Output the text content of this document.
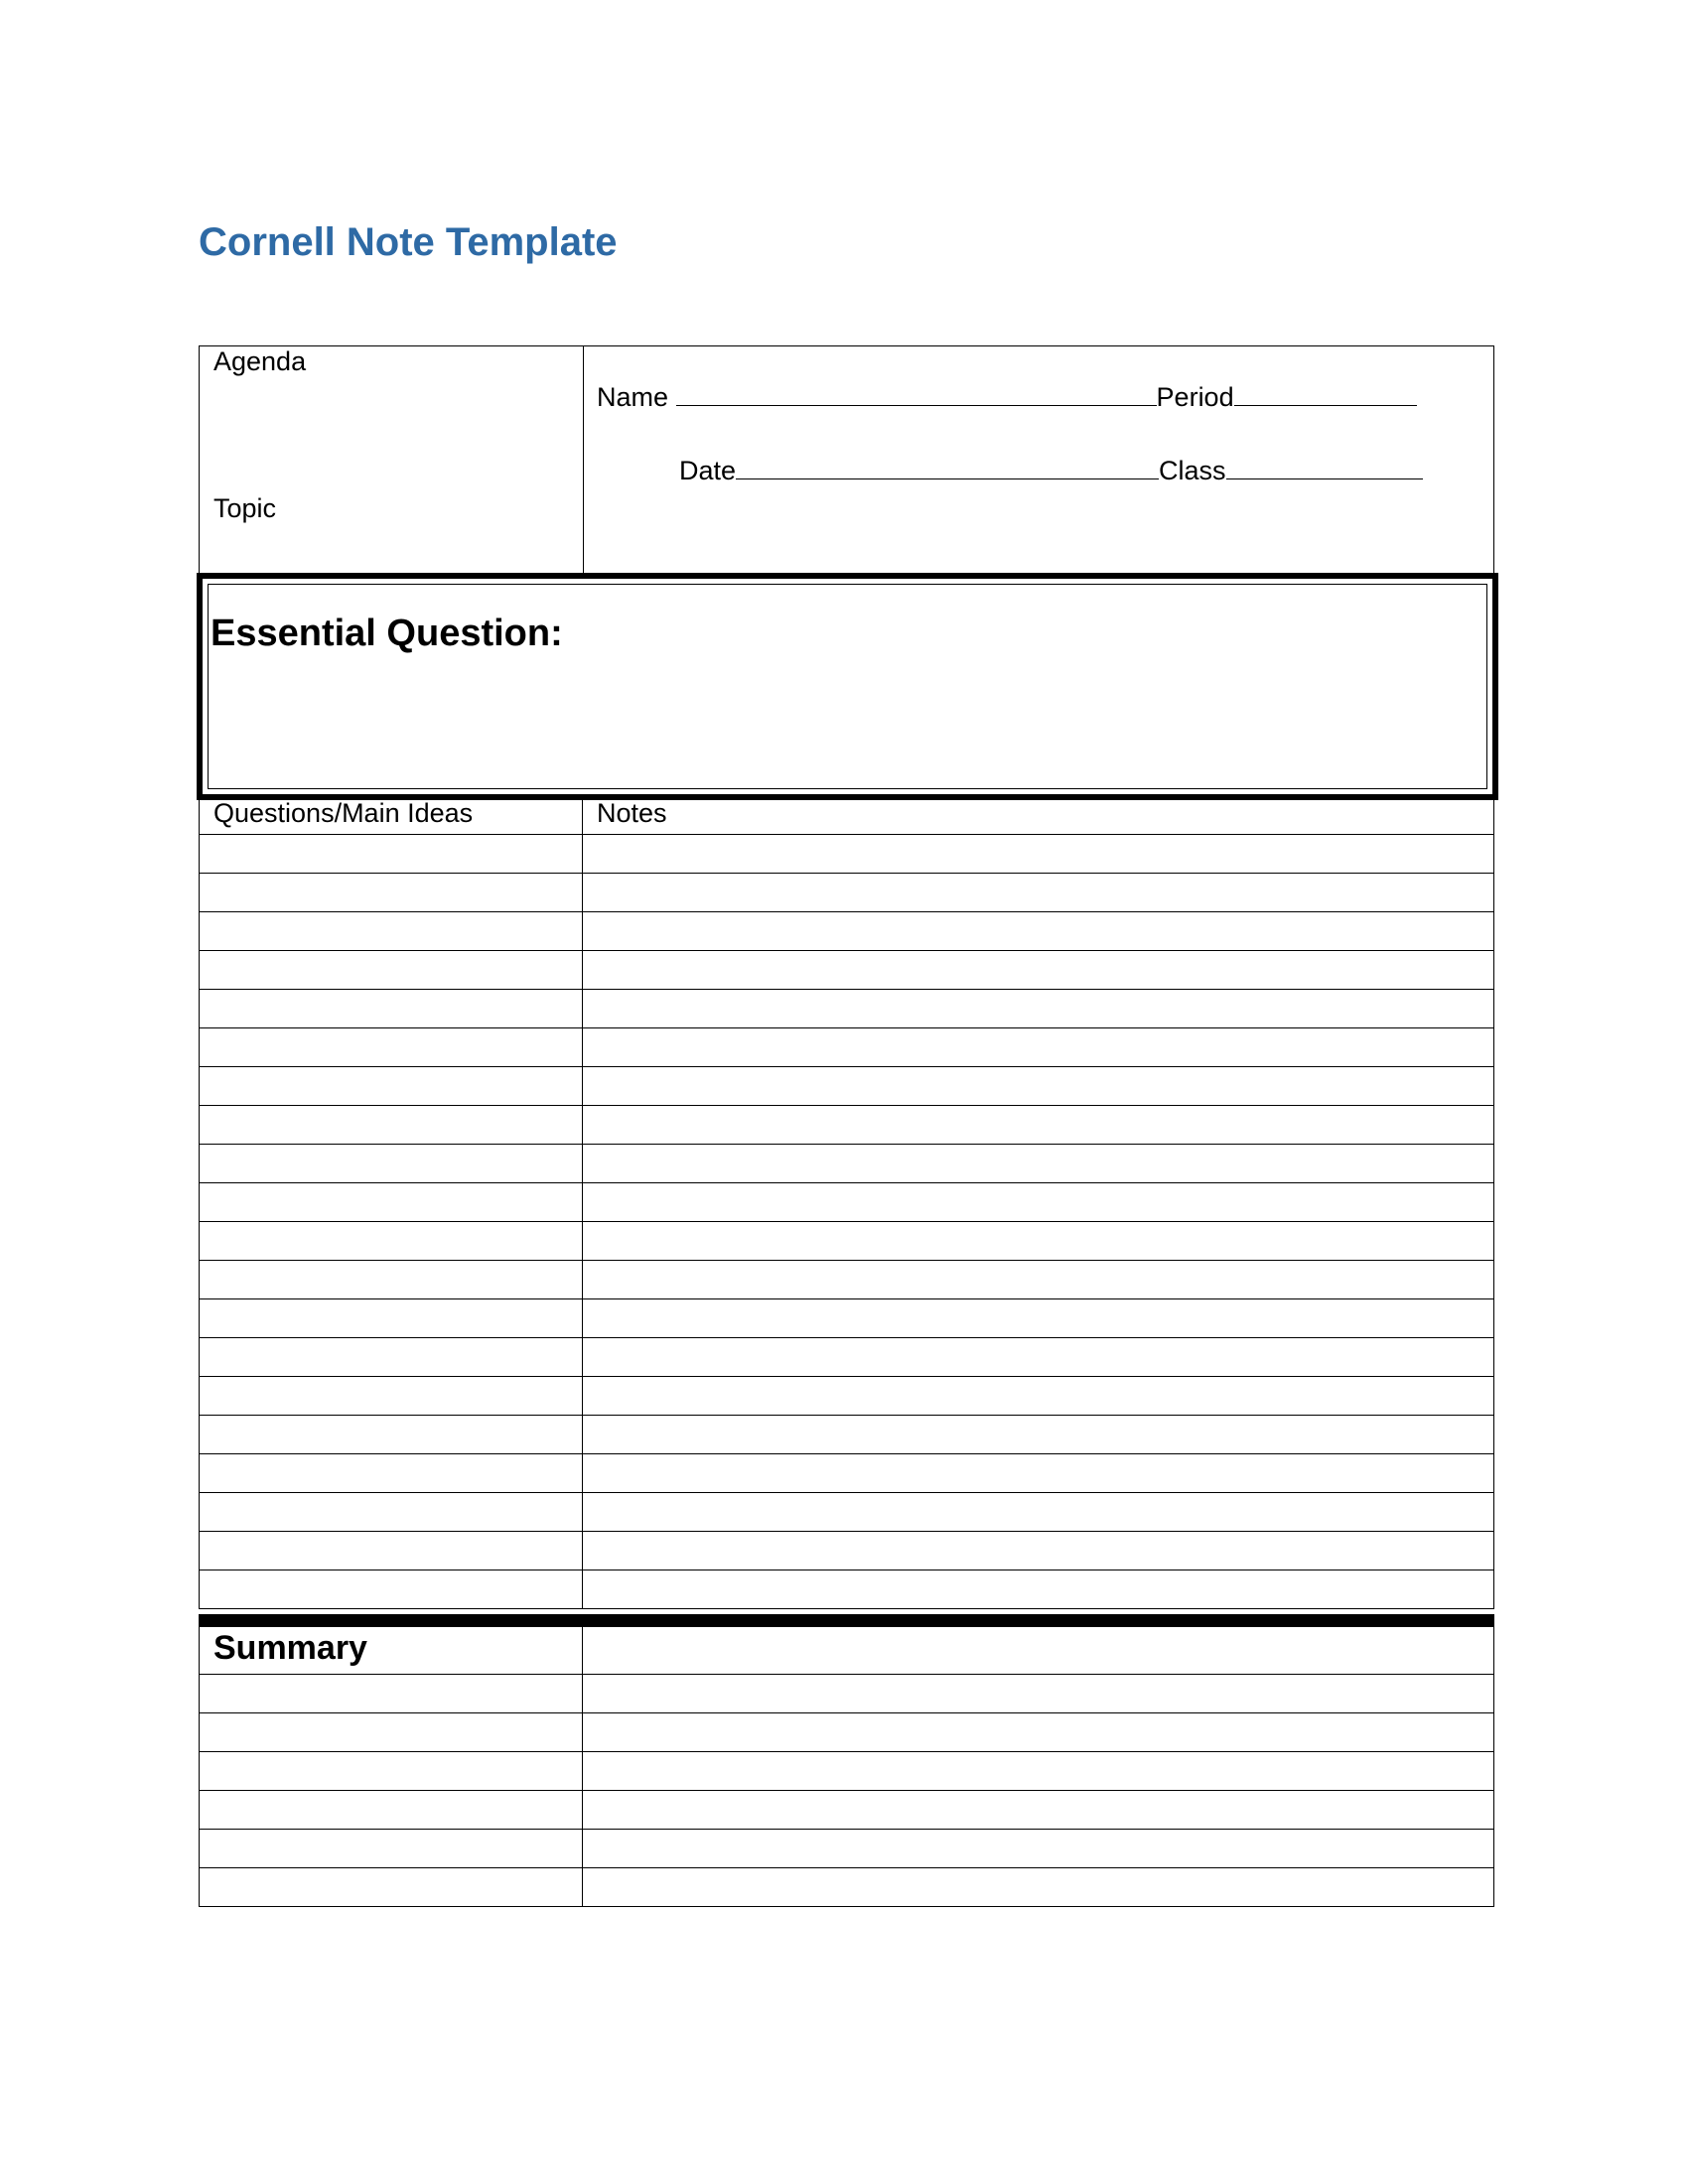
Cornell Note Template
Agenda
Topic
Name	Period
Date	Class
Essential Question:
Questions/Main Ideas	Notes
Summary
